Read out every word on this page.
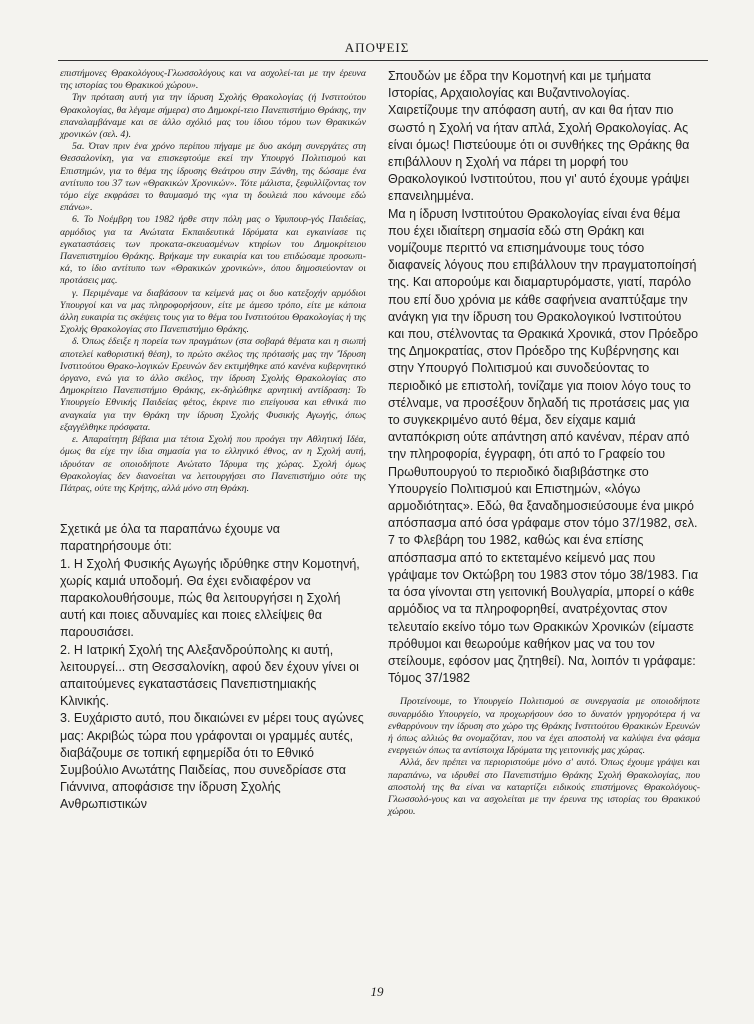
ΑΠΟΨΕΙΣ

επιστήμονες Θρακολόγους-Γλωσσολόγους και να ασχολεί-ται με την έρευνα της ιστορίας του Θρακικού χώρου».

Την πρόταση αυτή για την ίδρυση Σχολής Θρακολογίας (ή Ινστιτούτου Θρακολογίας, θα λέγαμε σήμερα) στο Δημοκρί-τειο Πανεπιστήμιο Θράκης, την επαναλαμβάναμε και σε άλλο σχόλιό μας του ίδιου τόμου των Θρακικών χρονικών (σελ. 4).

5α. Όταν πριν ένα χρόνο περίπου πήγαμε με δυο ακόμη συνεργάτες στη Θεσσαλονίκη, για να επισκεφτούμε εκεί την Υπουργό Πολιτισμού και Επιστημών, για το θέμα της ίδρυσης Θεάτρου στην Ξάνθη, της δώσαμε ένα αντίτυπο του 37 των «Θρακικών Χρονικών». Τότε μάλιστα, ξεφυλλίζοντας τον τόμο είχε εκφράσει το θαυμασμό της «για τη δουλειά που κάνουμε εδώ επάνω».

6. Το Νοέμβρη του 1982 ήρθε στην πόλη μας ο Υφυπουρ-γός Παιδείας, αρμόδιος για τα Ανώτατα Εκπαιδευτικά Ιδρύματα και εγκαινίασε τις εγκαταστάσεις των προκατα-σκευασμένων κτηρίων του Δημοκρίτειου Πανεπιστημίου Θράκης. Βρήκαμε την ευκαιρία και του επιδώσαμε προσωπι-κά, το ίδιο αντίτυπο των «Θρακικών χρονικών», όπου δημοσιεύονταν οι προτάσεις μας.

γ. Περιμέναμε να διαβάσουν τα κείμενά μας οι δυο κατεξοχήν αρμόδιοι Υπουργοί και να μας πληροφορήσουν, είτε με άμεσο τρόπο, είτε με κάποια άλλη ευκαιρία τις σκέψεις τους για το θέμα του Ινστιτούτου Θρακολογίας ή της Σχολής Θρακολογίας στο Πανεπιστήμιο Θράκης.

δ. Όπως έδειξε η πορεία των πραγμάτων (στα σοβαρά θέματα και η σιωπή αποτελεί καθοριστική θέση), το πρώτο σκέλος της πρότασής μας την 'Ίδρυση Ινστιτούτου Θρακο-λογικών Ερευνών δεν εκτιμήθηκε από κανένα κυβερνητικό όργανο, ενώ για το άλλο σκέλος, την ίδρυση Σχολής Θρακολογίας στο Δημοκρίτειο Πανεπιστήμιο Θράκης, εκ-δηλώθηκε αρνητική αντίδραση: Το Υπουργείο Εθνικής Παιδείας φέτος, έκρινε πιο επείγουσα και εθνικά πιο αναγκαία για την Θράκη την ίδρυση Σχολής Φυσικής Αγωγής, όπως εξαγγέλθηκε πρόσφατα.

ε. Απαραίτητη βέβαια μια τέτοια Σχολή που προάγει την Αθλητική Ιδέα, όμως θα είχε την ίδια σημασία για το ελληνικό έθνος, αν η Σχολή αυτή, ιδρυόταν σε οποιοδήποτε Ανώτατο Ίδρυμα της χώρας. Σχολή όμως Θρακολογίας δεν διανοείται να λειτουργήσει στο Πανεπιστήμιο ούτε της Πάτρας, ούτε της Κρήτης, αλλά μόνο στη Θράκη.

Σχετικά με όλα τα παραπάνω έχουμε να παρατηρήσουμε ότι:

1. Η Σχολή Φυσικής Αγωγής ιδρύθηκε στην Κομοτηνή, χωρίς καμιά υποδομή. Θα έχει ενδιαφέρον να παρακολουθήσουμε, πώς θα λειτουργήσει η Σχολή αυτή και ποιες αδυναμίες και ποιες ελλείψεις θα παρουσιάσει.

2. Η Ιατρική Σχολή της Αλεξανδρούπολης κι αυτή, λειτουργεί... στη Θεσσαλονίκη, αφού δεν έχουν γίνει οι απαιτούμενες εγκαταστάσεις Πανεπιστημιακής Κλινικής.

3. Ευχάριστο αυτό, που δικαιώνει εν μέρει τους αγώνες μας: Ακριβώς τώρα που γράφονται οι γραμμές αυτές, διαβάζουμε σε τοπική εφημερίδα ότι το Εθνικό Συμβούλιο Ανωτάτης Παιδείας, που συνεδρίασε στα Γιάννινα, αποφάσισε την ίδρυση Σχολής Ανθρωπιστικών

Σπουδών με έδρα την Κομοτηνή και με τμήματα Ιστορίας, Αρχαιολογίας και Βυζαντινολογίας. Χαιρετίζουμε την απόφαση αυτή, αν και θα ήταν πιο σωστό η Σχολή να ήταν απλά, Σχολή Θρακολογίας. Ας είναι όμως! Πιστεύουμε ότι οι συνθήκες της Θράκης θα επιβάλλουν η Σχολή να πάρει τη μορφή του Θρακολογικού Ινστιτούτου, που γι' αυτό έχουμε γράψει επανειλημμένα.

Μα η ίδρυση Ινστιτούτου Θρακολογίας είναι ένα θέμα που έχει ιδιαίτερη σημασία εδώ στη Θράκη και νομίζουμε περιττό να επισημάνουμε τους τόσο διαφανείς λόγους που επιβάλλουν την πραγματοποίησή της. Και απορούμε και διαμαρτυρόμαστε, γιατί, παρόλο που επί δυο χρόνια με κάθε σαφήνεια αναπτύξαμε την ανάγκη για την ίδρυση του Θρακολογικού Ινστιτούτου και που, στέλνοντας τα Θρακικά Χρονικά, στον Πρόεδρο της Δημοκρατίας, στον Πρόεδρο της Κυβέρνησης και στην Υπουργό Πολιτισμού και συνοδεύοντας το περιοδικό με επιστολή, τονίζαμε για ποιον λόγο τους το στέλναμε, να προσέξουν δηλαδή τις προτάσεις μας για το συγκεκριμένο αυτό θέμα, δεν είχαμε καμιά ανταπόκριση ούτε απάντηση από κανέναν, πέραν από την πληροφορία, έγγραφη, ότι από το Γραφείο του Πρωθυπουργού το περιοδικό διαβιβάστηκε στο Υπουργείο Πολιτισμού και Επιστημών, «λόγω αρμοδιότητας». Εδώ, θα ξαναδημοσιεύσουμε ένα μικρό απόσπασμα από όσα γράφαμε στον τόμο 37/1982, σελ. 7 το Φλεβάρη του 1982, καθώς και ένα επίσης απόσπασμα από το εκτεταμένο κείμενό μας που γράψαμε τον Οκτώβρη του 1983 στον τόμο 38/1983. Για τα όσα γίνονται στη γειτονική Βουλγαρία, μπορεί ο κάθε αρμόδιος να τα πληροφορηθεί, ανατρέχοντας στον τελευταίο εκείνο τόμο των Θρακικών Χρονικών (είμαστε πρόθυμοι και θεωρούμε καθήκον μας να του τον στείλουμε, εφόσον μας ζητηθεί). Να, λοιπόν τι γράφαμε: Τόμος 37/1982

Προτείνουμε, το Υπουργείο Πολιτισμού σε συνεργασία με οποιοδήποτε συναρμόδιο Υπουργείο, να προχωρήσουν όσο το δυνατόν γρηγορότερα ή να ενθαρρύνουν την ίδρυση στο χώρο της Θράκης Ινστιτούτου Θρακικών Ερευνών ή όπως αλλιώς θα ονομαζόταν, που να έχει αποστολή να καλύψει ένα φάσμα ενεργειών όπως τα αντίστοιχα Ιδρύματα της γειτονικής μας χώρας.

Αλλά, δεν πρέπει να περιοριστούμε μόνο σ' αυτό. Όπως έχουμε γράψει και παραπάνω, να ιδρυθεί στο Πανεπιστήμιο Θράκης Σχολή Θρακολογίας, που αποστολή της θα είναι να καταρτίζει ειδικούς επιστήμονες Θρακολόγους-Γλωσσολό-γους και να ασχολείται με την έρευνα της ιστορίας του Θρακικού χώρου.

19
